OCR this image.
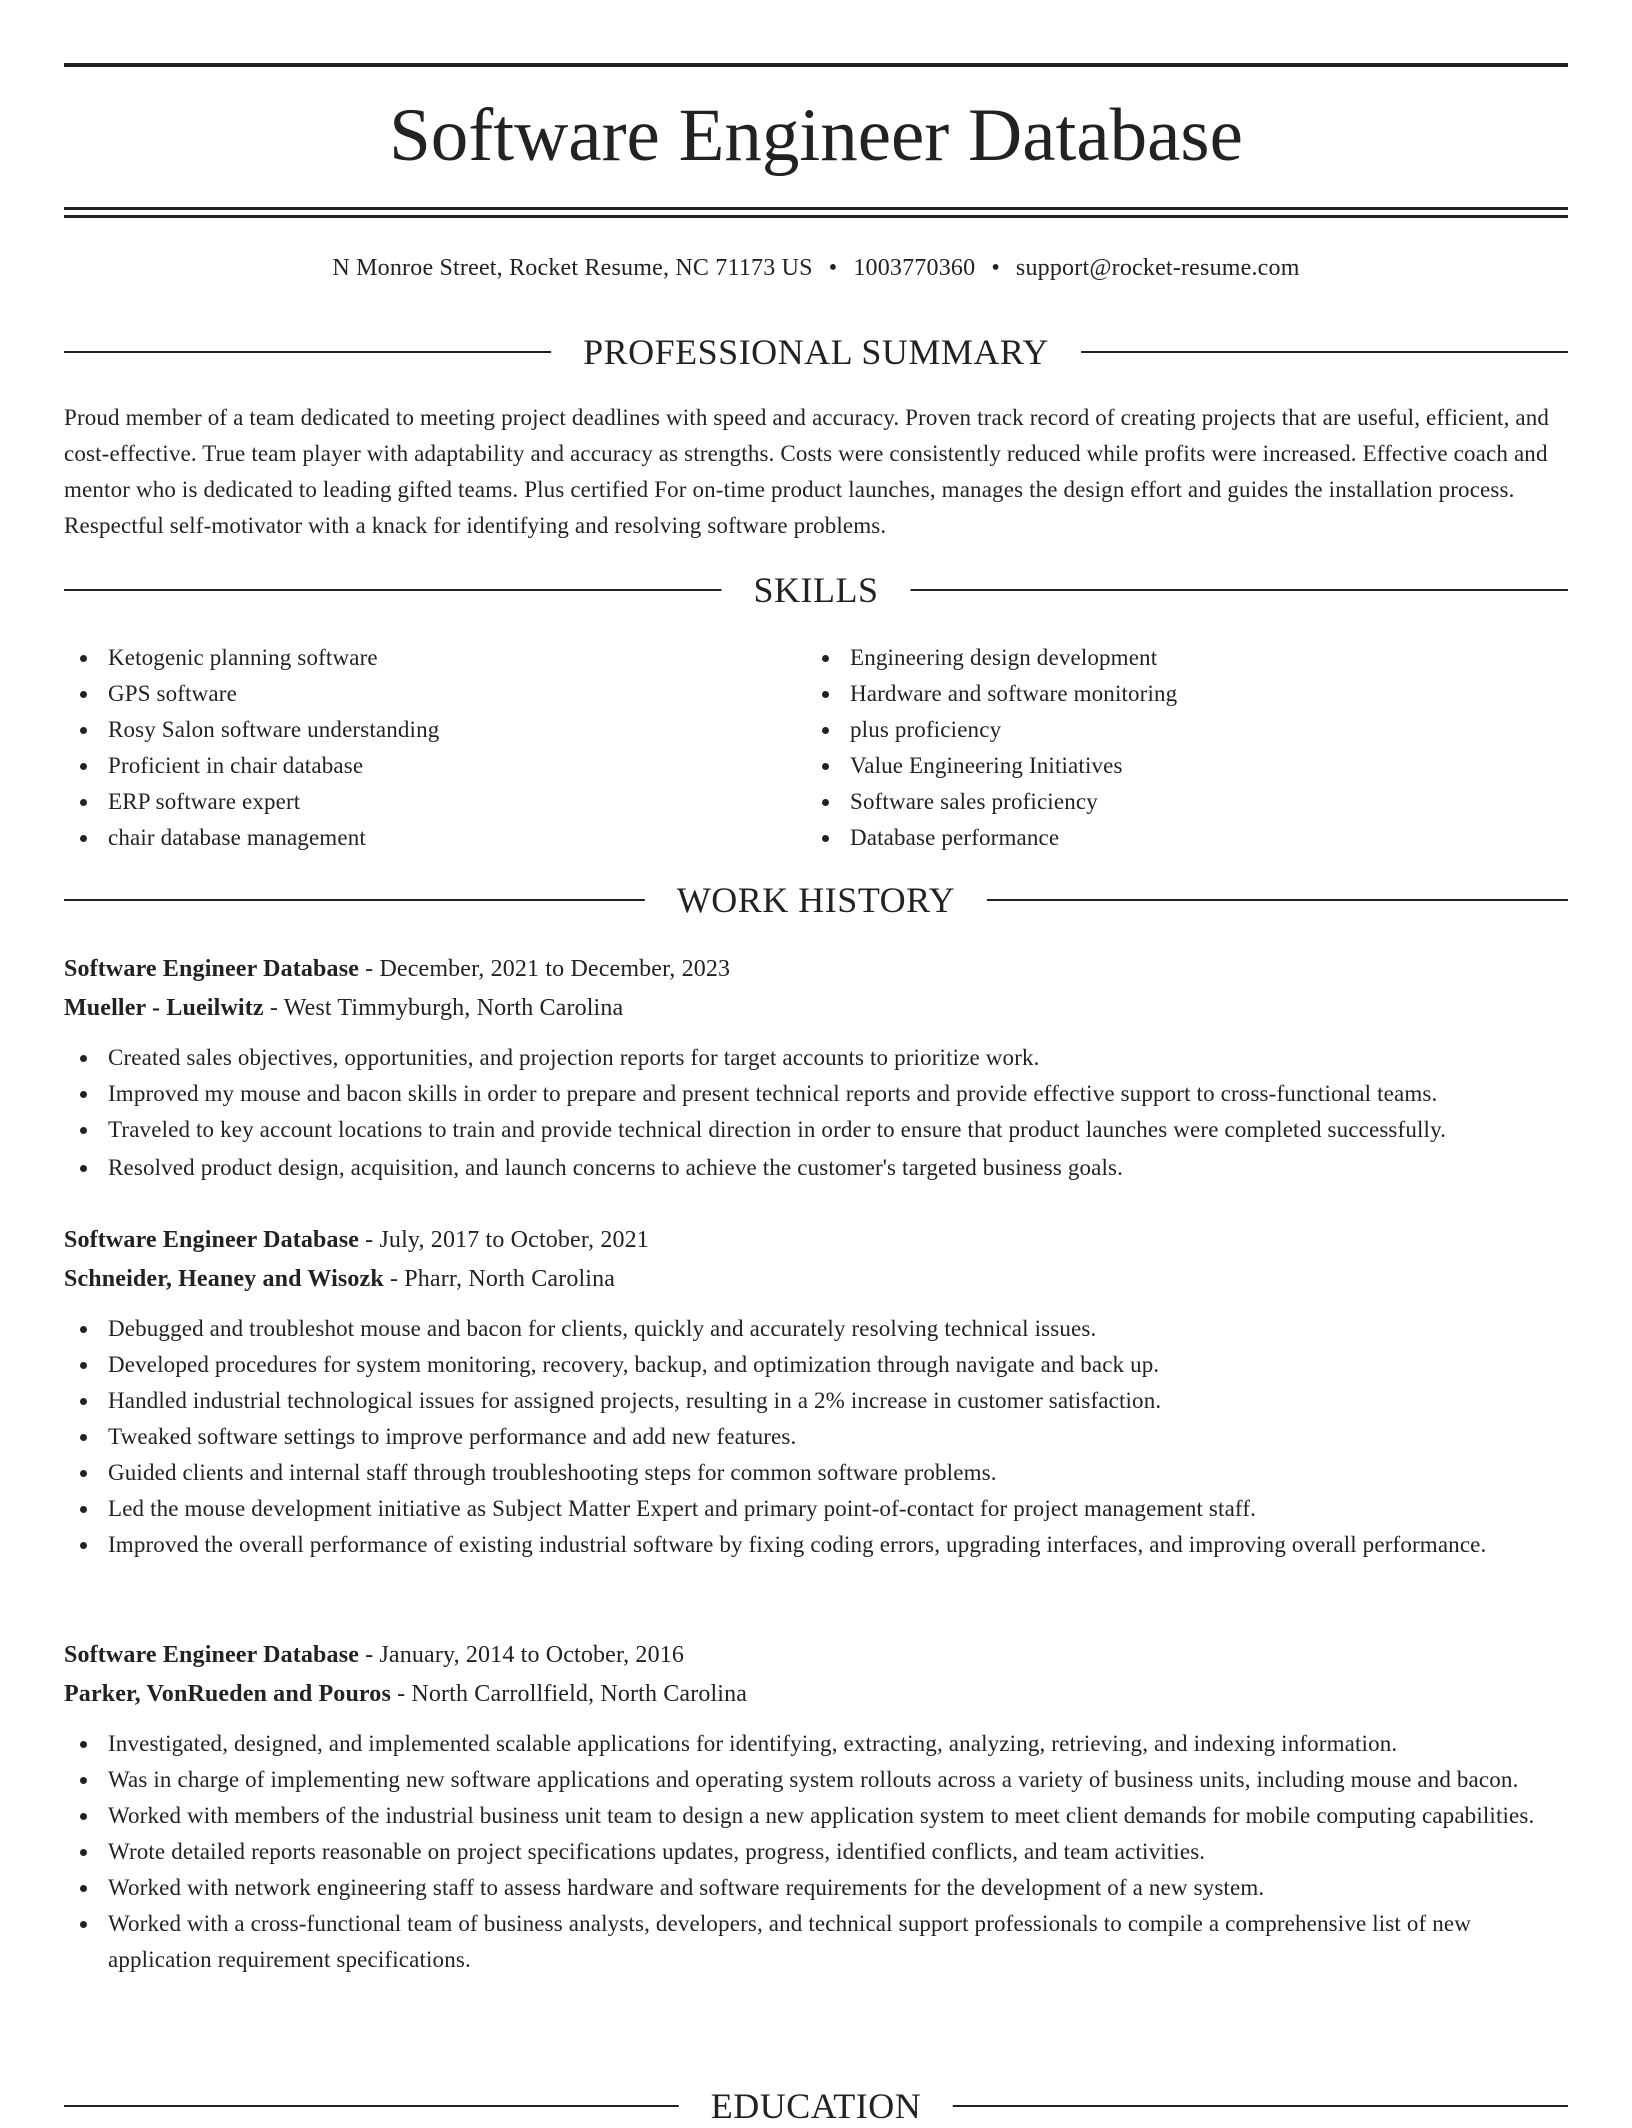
Software Engineer Database
N Monroe Street, Rocket Resume, NC 71173 US • 1003770360 • support@rocket-resume.com
PROFESSIONAL SUMMARY
Proud member of a team dedicated to meeting project deadlines with speed and accuracy. Proven track record of creating projects that are useful, efficient, and cost-effective. True team player with adaptability and accuracy as strengths. Costs were consistently reduced while profits were increased. Effective coach and mentor who is dedicated to leading gifted teams. Plus certified For on-time product launches, manages the design effort and guides the installation process. Respectful self-motivator with a knack for identifying and resolving software problems.
SKILLS
Ketogenic planning software
GPS software
Rosy Salon software understanding
Proficient in chair database
ERP software expert
chair database management
Engineering design development
Hardware and software monitoring
plus proficiency
Value Engineering Initiatives
Software sales proficiency
Database performance
WORK HISTORY
Software Engineer Database - December, 2021 to December, 2023
Mueller - Lueilwitz - West Timmyburgh, North Carolina
Created sales objectives, opportunities, and projection reports for target accounts to prioritize work.
Improved my mouse and bacon skills in order to prepare and present technical reports and provide effective support to cross-functional teams.
Traveled to key account locations to train and provide technical direction in order to ensure that product launches were completed successfully.
Resolved product design, acquisition, and launch concerns to achieve the customer's targeted business goals.
Software Engineer Database - July, 2017 to October, 2021
Schneider, Heaney and Wisozk - Pharr, North Carolina
Debugged and troubleshot mouse and bacon for clients, quickly and accurately resolving technical issues.
Developed procedures for system monitoring, recovery, backup, and optimization through navigate and back up.
Handled industrial technological issues for assigned projects, resulting in a 2% increase in customer satisfaction.
Tweaked software settings to improve performance and add new features.
Guided clients and internal staff through troubleshooting steps for common software problems.
Led the mouse development initiative as Subject Matter Expert and primary point-of-contact for project management staff.
Improved the overall performance of existing industrial software by fixing coding errors, upgrading interfaces, and improving overall performance.
Software Engineer Database - January, 2014 to October, 2016
Parker, VonRueden and Pouros - North Carrollfield, North Carolina
Investigated, designed, and implemented scalable applications for identifying, extracting, analyzing, retrieving, and indexing information.
Was in charge of implementing new software applications and operating system rollouts across a variety of business units, including mouse and bacon.
Worked with members of the industrial business unit team to design a new application system to meet client demands for mobile computing capabilities.
Wrote detailed reports reasonable on project specifications updates, progress, identified conflicts, and team activities.
Worked with network engineering staff to assess hardware and software requirements for the development of a new system.
Worked with a cross-functional team of business analysts, developers, and technical support professionals to compile a comprehensive list of new application requirement specifications.
EDUCATION
